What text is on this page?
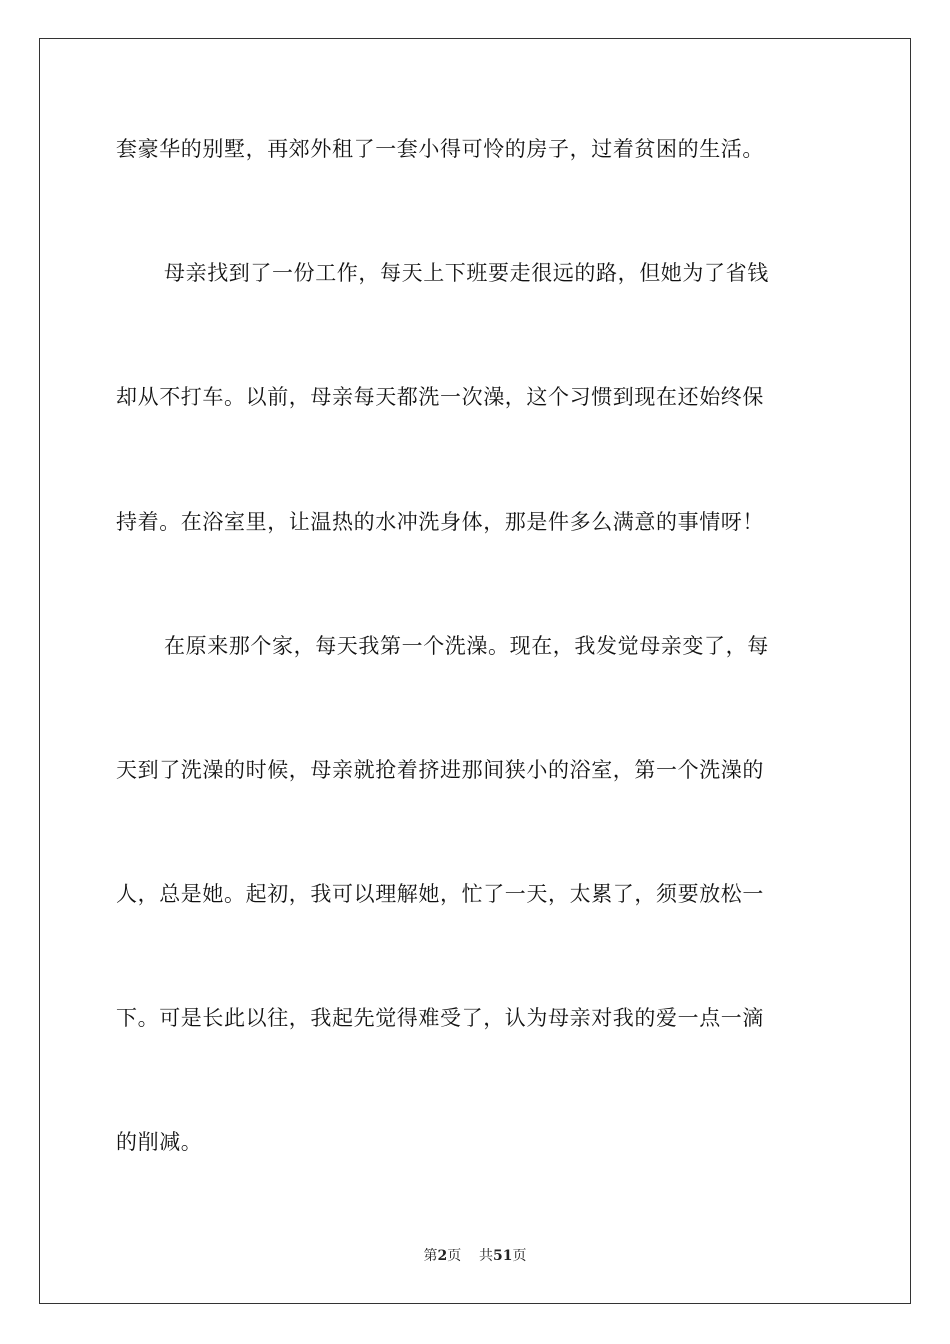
套豪华的别墅，再郊外租了一套小得可怜的房子，过着贫困的生活。
母亲找到了一份工作，每天上下班要走很远的路，但她为了省钱
却从不打车。以前，母亲每天都洗一次澡，这个习惯到现在还始终保
持着。在浴室里，让温热的水冲洗身体，那是件多么满意的事情呀！
在原来那个家，每天我第一个洗澡。现在，我发觉母亲变了，每
天到了洗澡的时候，母亲就抢着挤进那间狭小的浴室，第一个洗澡的
人，总是她。起初，我可以理解她，忙了一天，太累了，须要放松一
下。可是长此以往，我起先觉得难受了，认为母亲对我的爱一点一滴
的削减。
第2页 共51页
